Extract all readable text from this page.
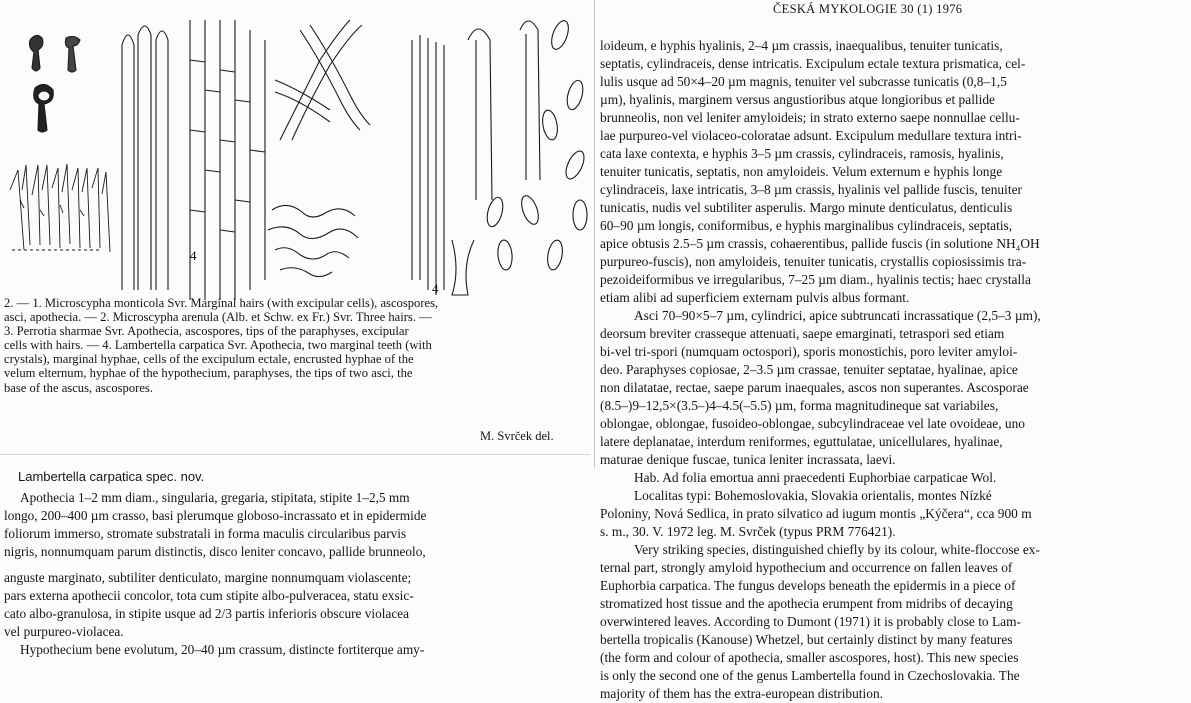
ČESKÁ MYKOLOGIE 30 (1) 1976
4
4
2. — 1. Microscypha monticola Svr. Marginal hairs (with excipular cells), ascospores,
asci, apothecia. — 2. Microscypha arenula (Alb. et Schw. ex Fr.) Svr. Three hairs. —
3. Perrotia sharmae Svr. Apothecia, ascospores, tips of the paraphyses, excipular
cells with hairs. — 4. Lambertella carpatica Svr. Apothecia, two marginal teeth (with
crystals), marginal hyphae, cells of the excipulum ectale, encrusted hyphae of the
velum elternum, hyphae of the hypothecium, paraphyses, the tips of two asci, the
base of the ascus, ascospores.
M. Svrček del.
Lambertella carpatica spec. nov.
Apothecia 1–2 mm diam., singularia, gregaria, stipitata, stipite 1–2,5 mm
longo, 200–400 µm crasso, basi plerumque globoso-incrassato et in epidermide
foliorum immerso, stromate substratali in forma maculis circularibus parvis
nigris, nonnumquam parum distinctis, disco leniter concavo, pallide brunneolo,
anguste marginato, subtiliter denticulato, margine nonnumquam violascente;
pars externa apothecii concolor, tota cum stipite albo-pulveracea, statu exsic-
cato albo-granulosa, in stipite usque ad 2/3 partis inferioris obscure violacea
vel purpureo-violacea.
Hypothecium bene evolutum, 20–40 µm crassum, distincte fortiterque amy-
loideum, e hyphis hyalinis, 2–4 µm crassis, inaequalibus, tenuiter tunicatis,
septatis, cylindraceis, dense intricatis. Excipulum ectale textura prismatica, cel-
lulis usque ad 50×4–20 µm magnis, tenuiter vel subcrasse tunicatis (0,8–1,5
µm), hyalinis, marginem versus angustioribus atque longioribus et pallide
brunneolis, non vel leniter amyloideis; in strato externo saepe nonnullae cellu-
lae purpureo-vel violaceo-coloratae adsunt. Excipulum medullare textura intri-
cata laxe contexta, e hyphis 3–5 µm crassis, cylindraceis, ramosis, hyalinis,
tenuiter tunicatis, septatis, non amyloideis. Velum externum e hyphis longe
cylindraceis, laxe intricatis, 3–8 µm crassis, hyalinis vel pallide fuscis, tenuiter
tunicatis, nudis vel subtiliter asperulis. Margo minute denticulatus, denticulis
60–90 µm longis, coniformibus, e hyphis marginalibus cylindraceis, septatis,
apice obtusis 2.5–5 µm crassis, cohaerentibus, pallide fuscis (in solutione NH₄OH
purpureo-fuscis), non amyloideis, tenuiter tunicatis, crystallis copiosissimis tra-
pezoideiformibus ve irregularibus, 7–25 µm diam., hyalinis tectis; haec crystalla
etiam alibi ad superficiem externam pulvis albus formant.
Asci 70–90×5–7 µm, cylindrici, apice subtruncati incrassatique (2,5–3 µm),
deorsum breviter crasseque attenuati, saepe emarginati, tetraspori sed etiam
bi-vel tri-spori (numquam octospori), sporis monostichis, poro leviter amyloi-
deo. Paraphyses copiosae, 2–3.5 µm crassae, tenuiter septatae, hyalinae, apice
non dilatatae, rectae, saepe parum inaequales, ascos non superantes. Ascosporae
(8.5–)9–12,5×(3.5–)4–4.5(–5.5) µm, forma magnitudineque sat variabiles,
oblongae, oblongae, fusoideo-oblongae, subcylindraceae vel late ovoideae, uno
latere deplanatae, interdum reniformes, eguttulatae, unicellulares, hyalinae,
maturae denique fuscae, tunica leniter incrassata, laevi.
Hab. Ad folia emortua anni praecedenti Euphorbiae carpaticae Wol.
Localitas typi: Bohemoslovakia, Slovakia orientalis, montes Nízké
Poloniny, Nová Sedlica, in prato silvatico ad iugum montis „Kýčera“, cca 900 m
s. m., 30. V. 1972 leg. M. Svrček (typus PRM 776421).
Very striking species, distinguished chiefly by its colour, white-floccose ex-
ternal part, strongly amyloid hypothecium and occurrence on fallen leaves of
Euphorbia carpatica. The fungus develops beneath the epidermis in a piece of
stromatized host tissue and the apothecia erumpent from midribs of decaying
overwintered leaves. According to Dumont (1971) it is probably close to Lam-
bertella tropicalis (Kanouse) Whetzel, but certainly distinct by many features
(the form and colour of apothecia, smaller ascospores, host). This new species
is only the second one of the genus Lambertella found in Czechoslovakia. The
majority of them has the extra-european distribution.
